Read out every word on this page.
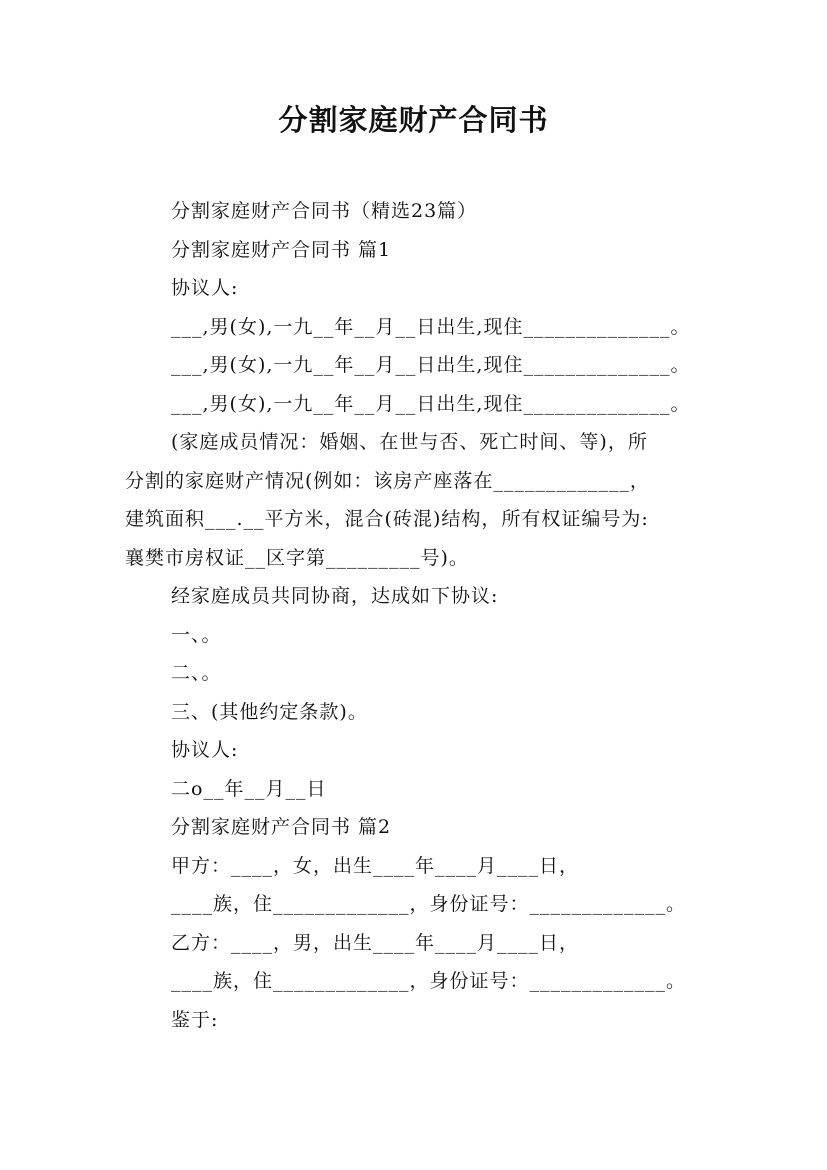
分割家庭财产合同书
分割家庭财产合同书（精选23篇）
分割家庭财产合同书 篇1
协议人:
___,男(女),一九__年__月__日出生,现住______________。
___,男(女),一九__年__月__日出生,现住______________。
___,男(女),一九__年__月__日出生,现住______________。
(家庭成员情况：婚姻、在世与否、死亡时间、等)，所
分割的家庭财产情况(例如：该房产座落在_____________，
建筑面积___.__平方米，混合(砖混)结构，所有权证编号为:
襄樊市房权证__区字第_________号)。
经家庭成员共同协商，达成如下协议:
一、。
二、。
三、(其他约定条款)。
协议人:
二o__年__月__日
分割家庭财产合同书 篇2
甲方：____，女，出生____年____月____日，
____族，住_____________，身份证号：_____________。
乙方：____，男，出生____年____月____日，
____族，住_____________，身份证号：_____________。
鉴于:
